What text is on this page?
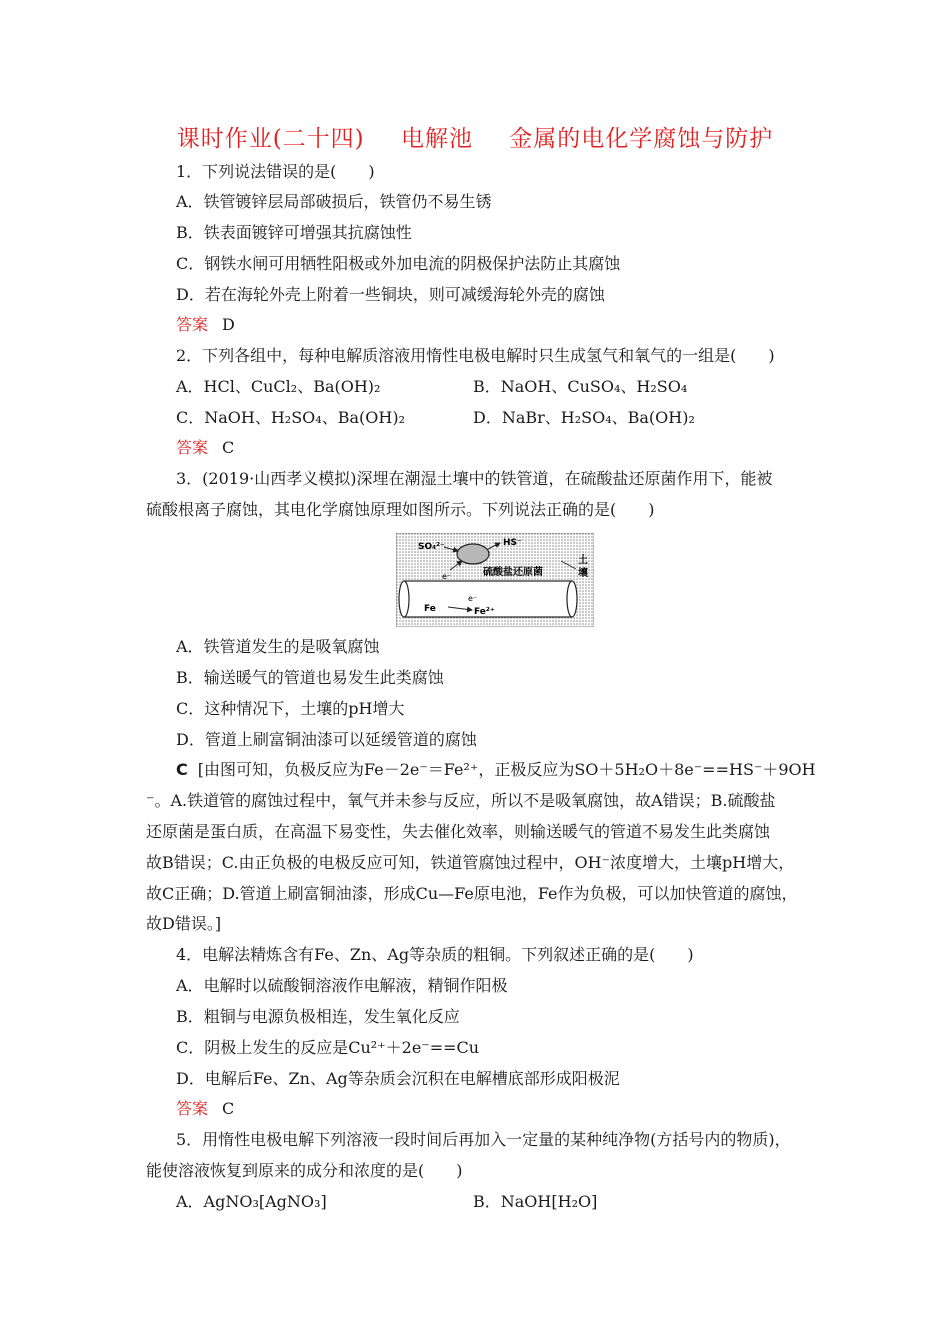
课时作业(二十四) 电解池 金属的电化学腐蚀与防护
1．下列说法错误的是(　　)
A．铁管镀锌层局部破损后，铁管仍不易生锈
B．铁表面镀锌可增强其抗腐蚀性
C．钢铁水闸可用牺牲阳极或外加电流的阴极保护法防止其腐蚀
D．若在海轮外壳上附着一些铜块，则可减缓海轮外壳的腐蚀
答案 D
2．下列各组中，每种电解质溶液用惰性电极电解时只生成氢气和氧气的一组是(　　)
A．HCl、CuCl₂、Ba(OH)₂	B．NaOH、CuSO₄、H₂SO₄
C．NaOH、H₂SO₄、Ba(OH)₂	D．NaBr、H₂SO₄、Ba(OH)₂
答案 C
3．(2019·山西孝义模拟)深埋在潮湿土壤中的铁管道，在硫酸盐还原菌作用下，能被
硫酸根离子腐蚀，其电化学腐蚀原理如图所示。下列说法正确的是(　　)
SO₄²⁻	HS⁻
e⁻	硫酸盐还原菌
土
壤
Fe
e⁻
Fe²⁺
A．铁管道发生的是吸氧腐蚀
B．输送暖气的管道也易发生此类腐蚀
C．这种情况下，土壤的pH增大
D．管道上刷富铜油漆可以延缓管道的腐蚀
C [由图可知，负极反应为Fe－2e⁻＝Fe²⁺，正极反应为SO＋5H₂O＋8e⁻==HS⁻＋9OH
⁻。A.铁道管的腐蚀过程中，氧气并未参与反应，所以不是吸氧腐蚀，故A错误；B.硫酸盐
还原菌是蛋白质，在高温下易变性，失去催化效率，则输送暖气的管道不易发生此类腐蚀
故B错误；C.由正负极的电极反应可知，铁道管腐蚀过程中，OH⁻浓度增大，土壤pH增大，
故C正确；D.管道上刷富铜油漆，形成Cu—Fe原电池，Fe作为负极，可以加快管道的腐蚀，
故D错误。]
4．电解法精炼含有Fe、Zn、Ag等杂质的粗铜。下列叙述正确的是(　　)
A．电解时以硫酸铜溶液作电解液，精铜作阳极
B．粗铜与电源负极相连，发生氧化反应
C．阴极上发生的反应是Cu²⁺＋2e⁻==Cu
D．电解后Fe、Zn、Ag等杂质会沉积在电解槽底部形成阳极泥
答案 C
5．用惰性电极电解下列溶液一段时间后再加入一定量的某种纯净物(方括号内的物质)，
能使溶液恢复到原来的成分和浓度的是(　　)
A．AgNO₃[AgNO₃]	B．NaOH[H₂O]
